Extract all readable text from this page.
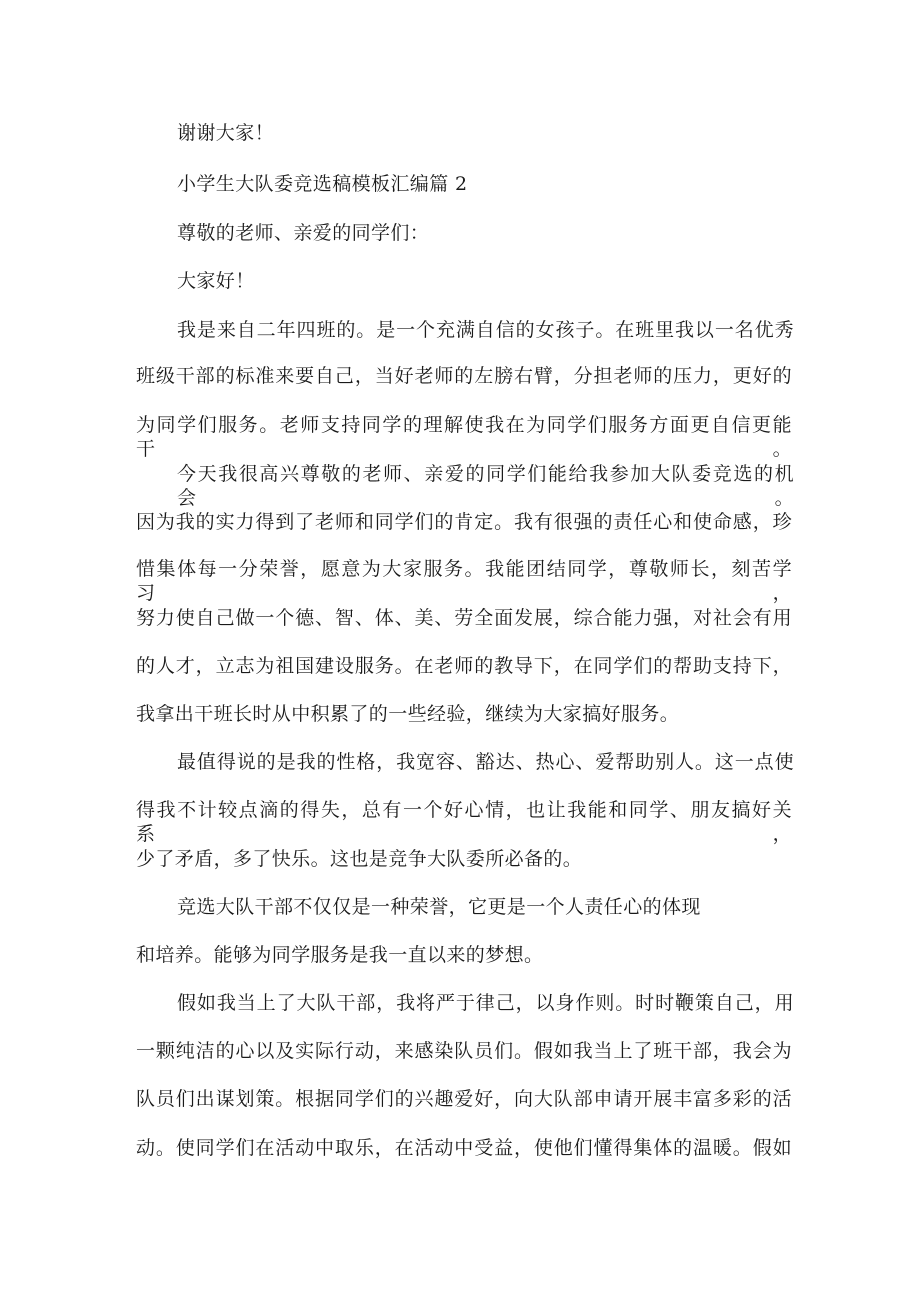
谢谢大家！
小学生大队委竞选稿模板汇编篇 2
尊敬的老师、亲爱的同学们：
大家好！
我是来自二年四班的。是一个充满自信的女孩子。在班里我以一名优秀
班级干部的标准来要自己，当好老师的左膀右臂，分担老师的压力，更好的
为同学们服务。老师支持同学的理解使我在为同学们服务方面更自信更能干。
今天我很高兴尊敬的老师、亲爱的同学们能给我参加大队委竞选的机会。
因为我的实力得到了老师和同学们的肯定。我有很强的责任心和使命感，珍
惜集体每一分荣誉，愿意为大家服务。我能团结同学，尊敬师长，刻苦学习，
努力使自己做一个德、智、体、美、劳全面发展，综合能力强，对社会有用
的人才，立志为祖国建设服务。在老师的教导下，在同学们的帮助支持下，
我拿出干班长时从中积累了的一些经验，继续为大家搞好服务。
最值得说的是我的性格，我宽容、豁达、热心、爱帮助别人。这一点使
得我不计较点滴的得失，总有一个好心情，也让我能和同学、朋友搞好关系，
少了矛盾，多了快乐。这也是竞争大队委所必备的。
竞选大队干部不仅仅是一种荣誉，它更是一个人责任心的体现
和培养。能够为同学服务是我一直以来的梦想。
假如我当上了大队干部，我将严于律己，以身作则。时时鞭策自己，用
一颗纯洁的心以及实际行动，来感染队员们。假如我当上了班干部，我会为
队员们出谋划策。根据同学们的兴趣爱好，向大队部申请开展丰富多彩的活
动。使同学们在活动中取乐，在活动中受益，使他们懂得集体的温暖。假如
